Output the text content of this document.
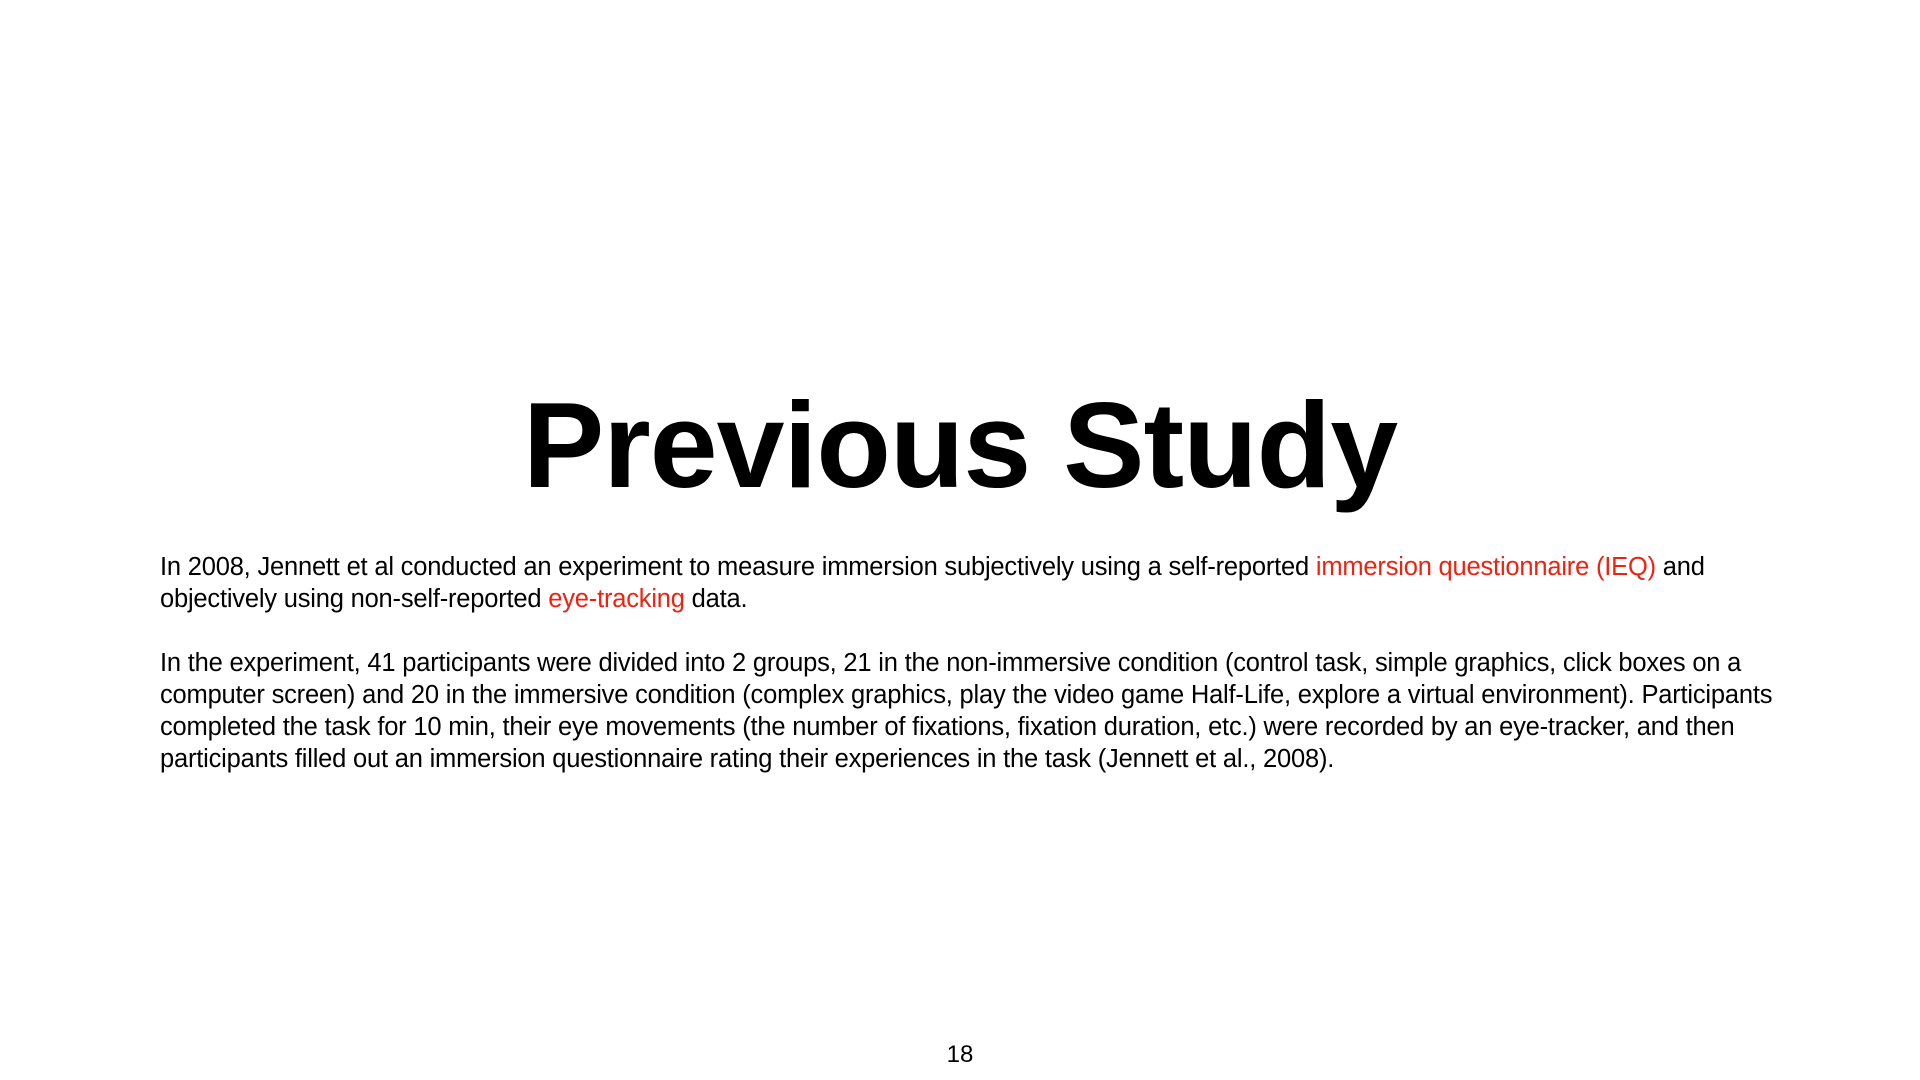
Previous Study

In 2008, Jennett et al conducted an experiment to measure immersion subjectively using a self-reported immersion questionnaire (IEQ) and objectively using non-self-reported eye-tracking data.

In the experiment, 41 participants were divided into 2 groups, 21 in the non-immersive condition (control task, simple graphics, click boxes on a computer screen) and 20 in the immersive condition (complex graphics, play the video game Half-Life, explore a virtual environment). Participants completed the task for 10 min, their eye movements (the number of fixations, fixation duration, etc.) were recorded by an eye-tracker, and then participants filled out an immersion questionnaire rating their experiences in the task (Jennett et al., 2008).

18
